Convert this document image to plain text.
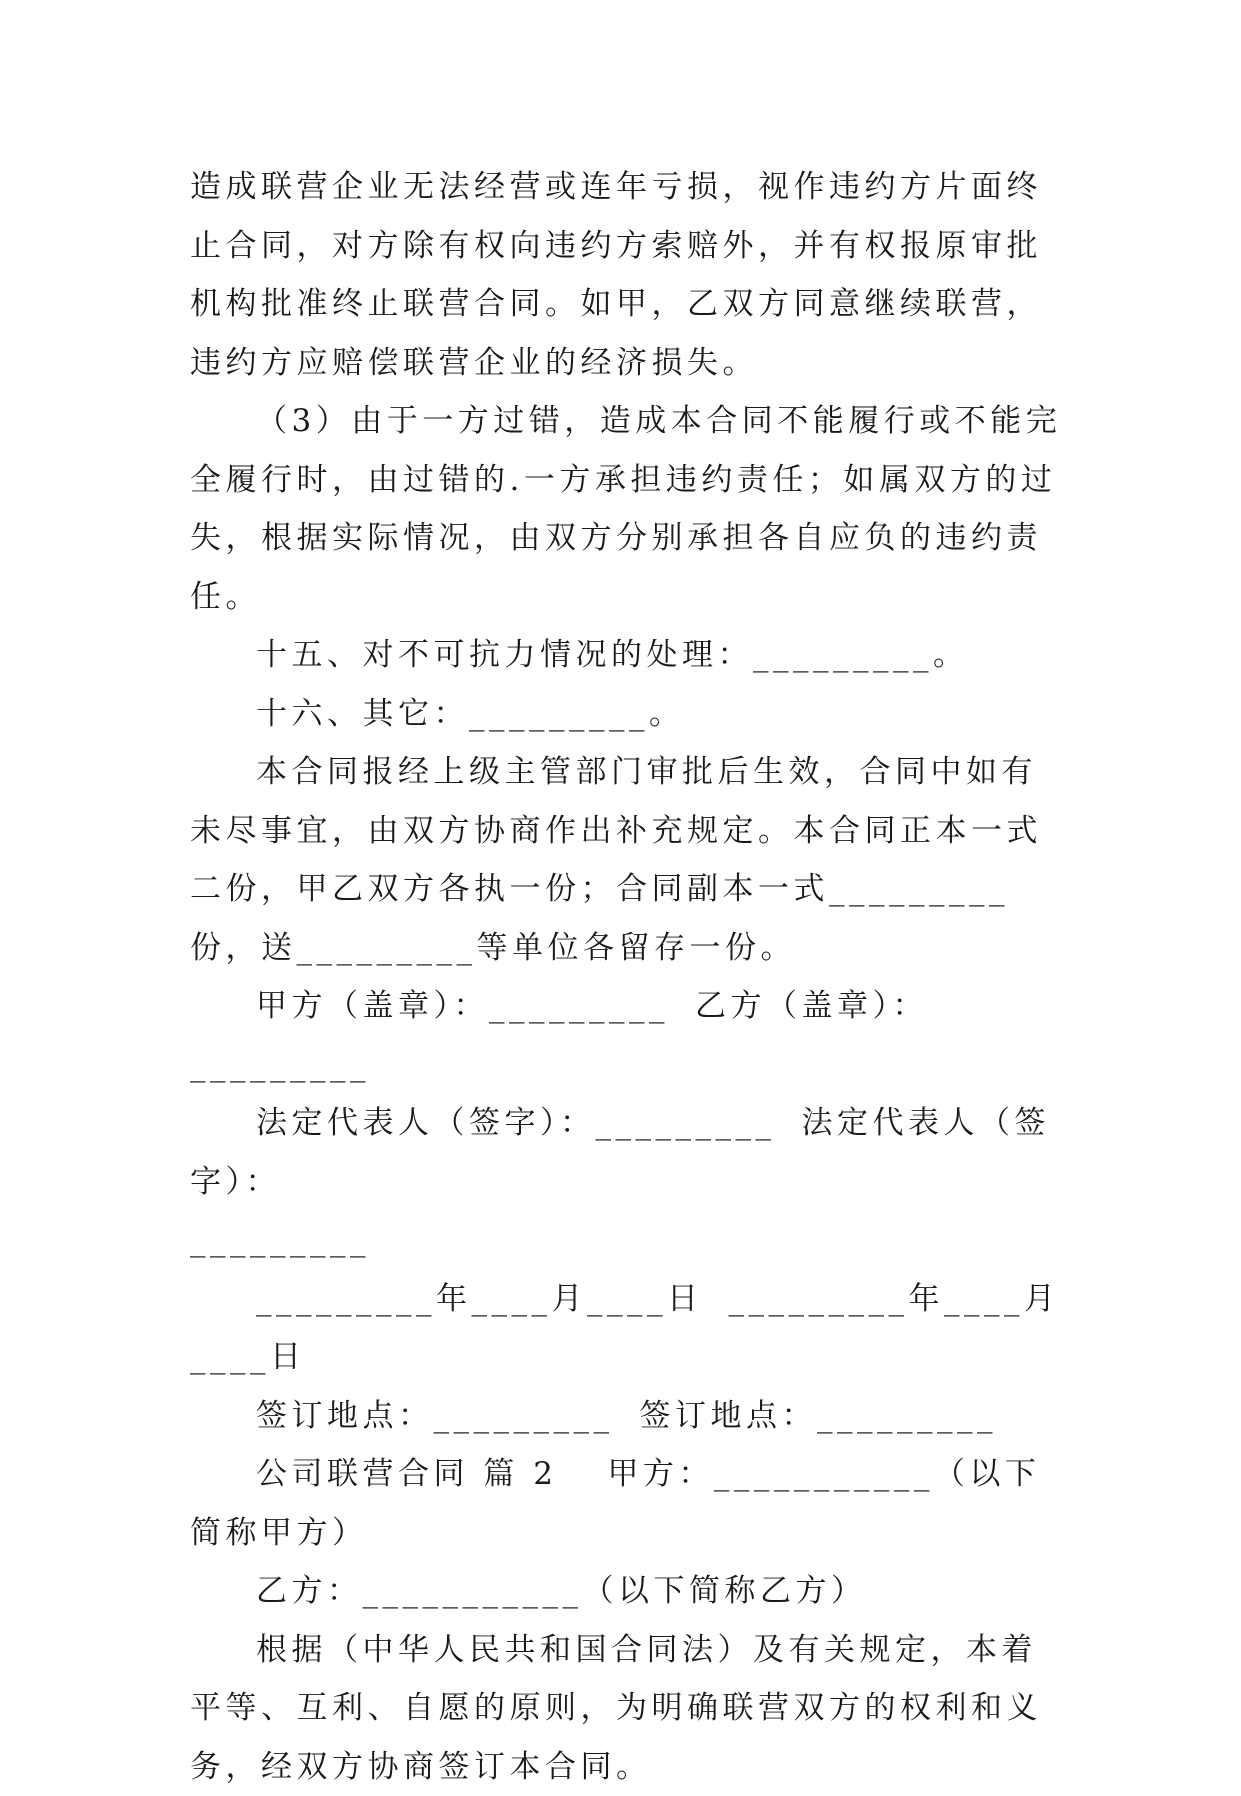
造成联营企业无法经营或连年亏损，视作违约方片面终止合同，对方除有权向违约方索赔外，并有权报原审批机构批准终止联营合同。如甲，乙双方同意继续联营，违约方应赔偿联营企业的经济损失。

（3）由于一方过错，造成本合同不能履行或不能完全履行时，由过错的.一方承担违约责任；如属双方的过失，根据实际情况，由双方分别承担各自应负的违约责任。

十五、对不可抗力情况的处理：_________。

十六、其它：_________。

本合同报经上级主管部门审批后生效，合同中如有未尽事宜，由双方协商作出补充规定。本合同正本一式二份，甲乙双方各执一份；合同副本一式_________份，送_________等单位各留存一份。

甲方（盖章）：_________ 乙方（盖章）：_________

法定代表人（签字）：_________ 法定代表人（签字）：

_________

_________年____月____日 _________年____月____日

签订地点：_________ 签订地点：_________

公司联营合同 篇 2 甲方：___________（以下简称甲方）

乙方：___________（以下简称乙方）

根据（中华人民共和国合同法）及有关规定，本着平等、互利、自愿的原则，为明确联营双方的权利和义务，经双方协商签订本合同。
